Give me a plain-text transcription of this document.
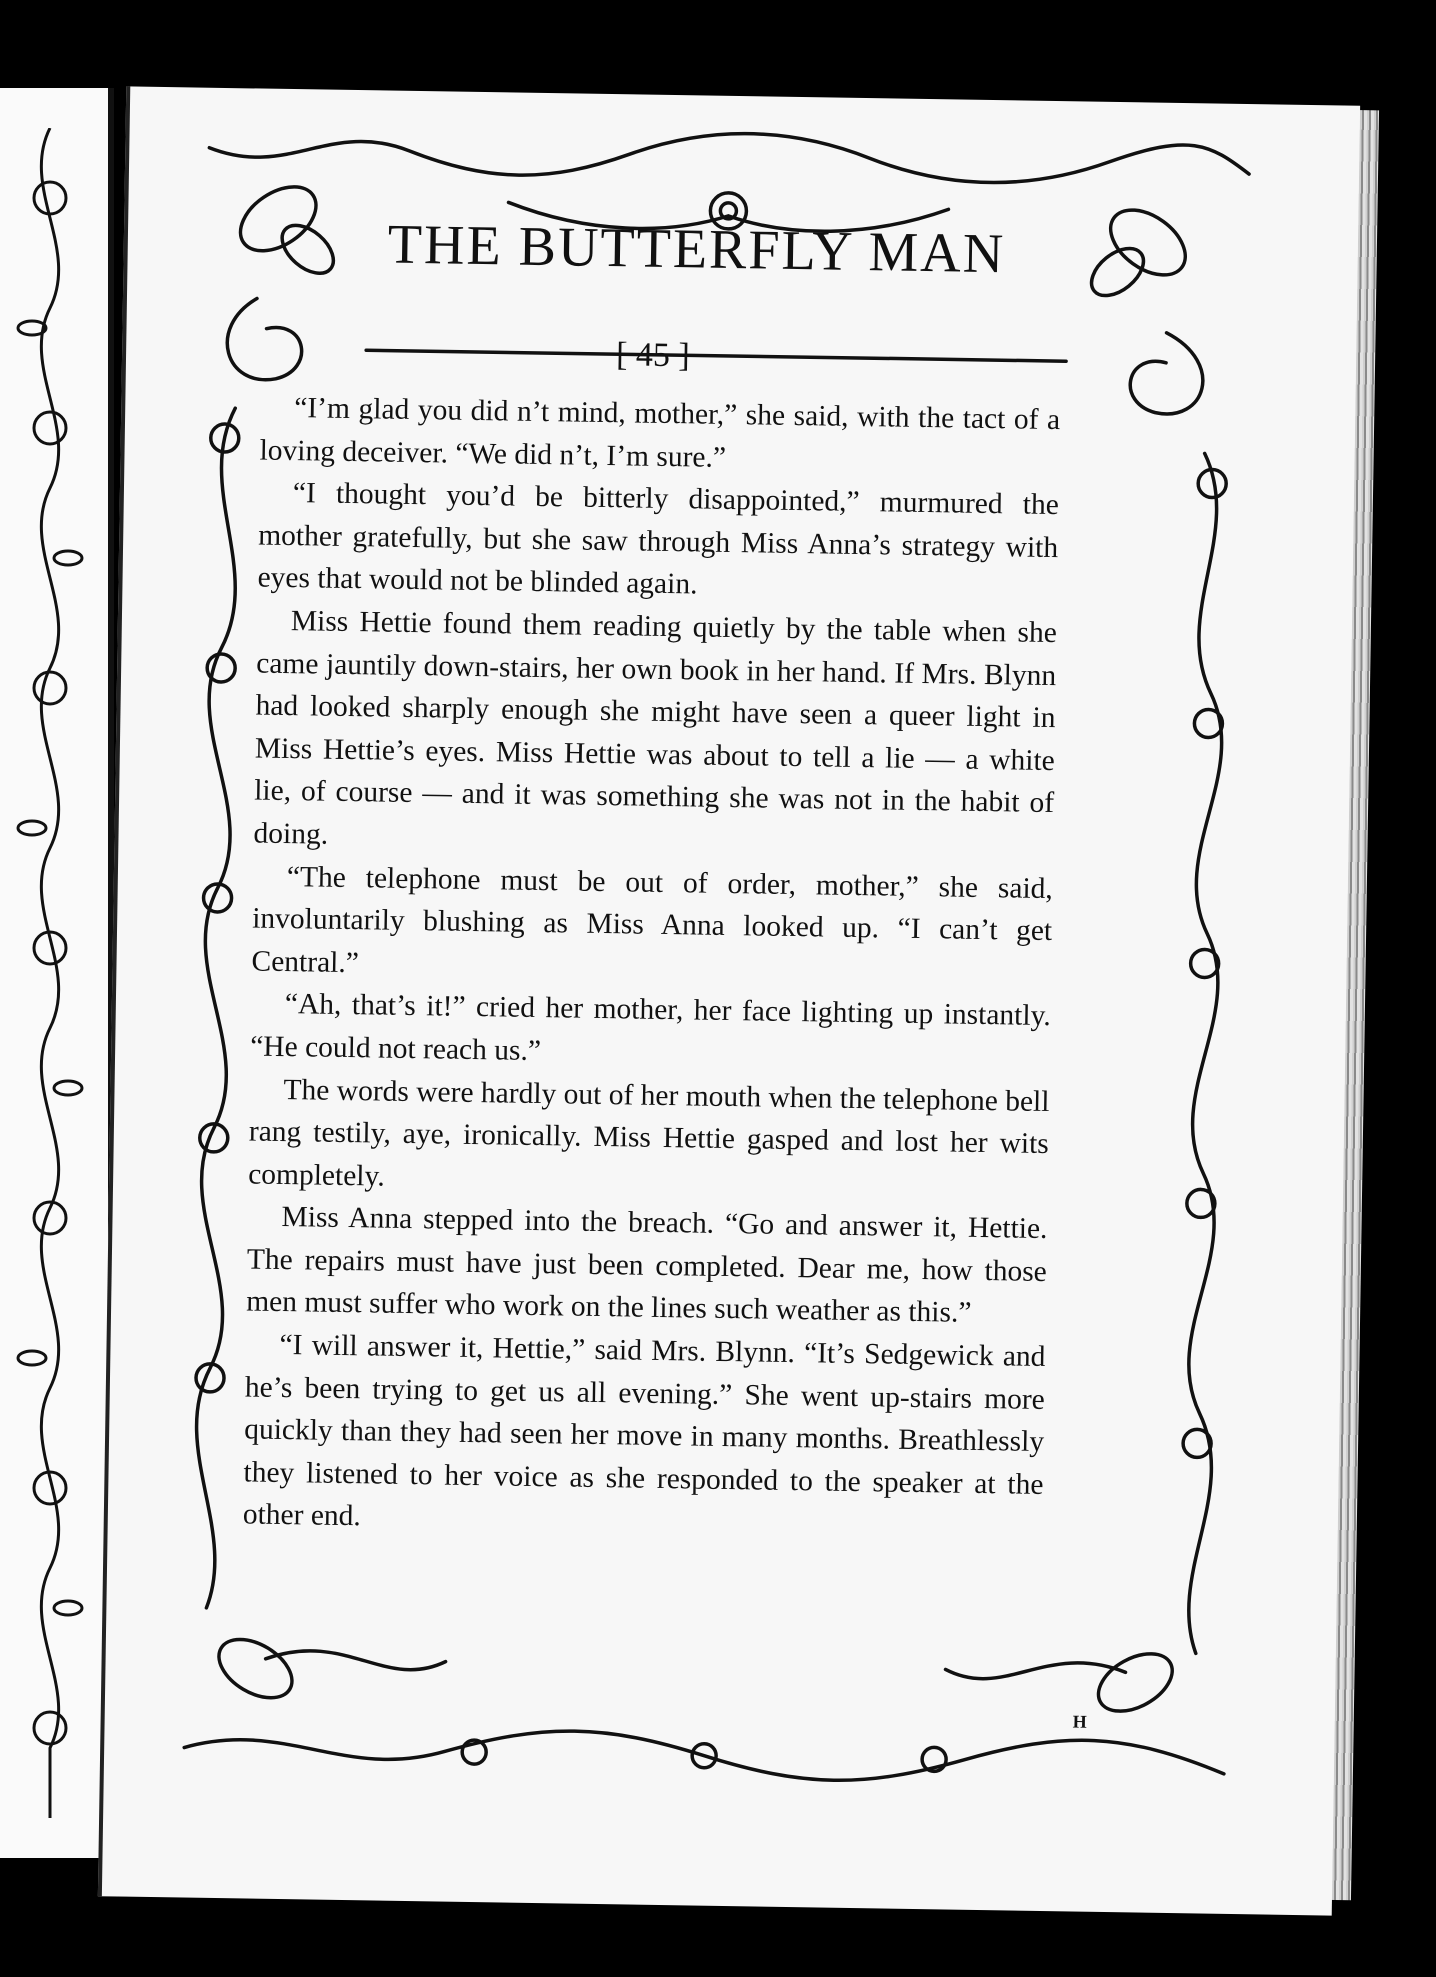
THE BUTTERFLY MAN
[ 45 ]

“I’m glad you did n’t mind, mother,” she said, with the tact of a loving deceiver. “We did n’t, I’m sure.”

“I thought you’d be bitterly disappointed,” murmured the mother gratefully, but she saw through Miss Anna’s strategy with eyes that would not be blinded again.

Miss Hettie found them reading quietly by the table when she came jauntily down-stairs, her own book in her hand. If Mrs. Blynn had looked sharply enough she might have seen a queer light in Miss Hettie’s eyes. Miss Hettie was about to tell a lie — a white lie, of course — and it was something she was not in the habit of doing.

“The telephone must be out of order, mother,” she said, involuntarily blushing as Miss Anna looked up. “I can’t get Central.”

“Ah, that’s it!” cried her mother, her face lighting up instantly. “He could not reach us.”

The words were hardly out of her mouth when the telephone bell rang testily, aye, ironically. Miss Hettie gasped and lost her wits completely.

Miss Anna stepped into the breach. “Go and answer it, Hettie. The repairs must have just been completed. Dear me, how those men must suffer who work on the lines such weather as this.”

“I will answer it, Hettie,” said Mrs. Blynn. “It’s Sedgewick and he’s been trying to get us all evening.” She went up-stairs more quickly than they had seen her move in many months. Breathlessly they listened to her voice as she responded to the speaker at the other end.

H
